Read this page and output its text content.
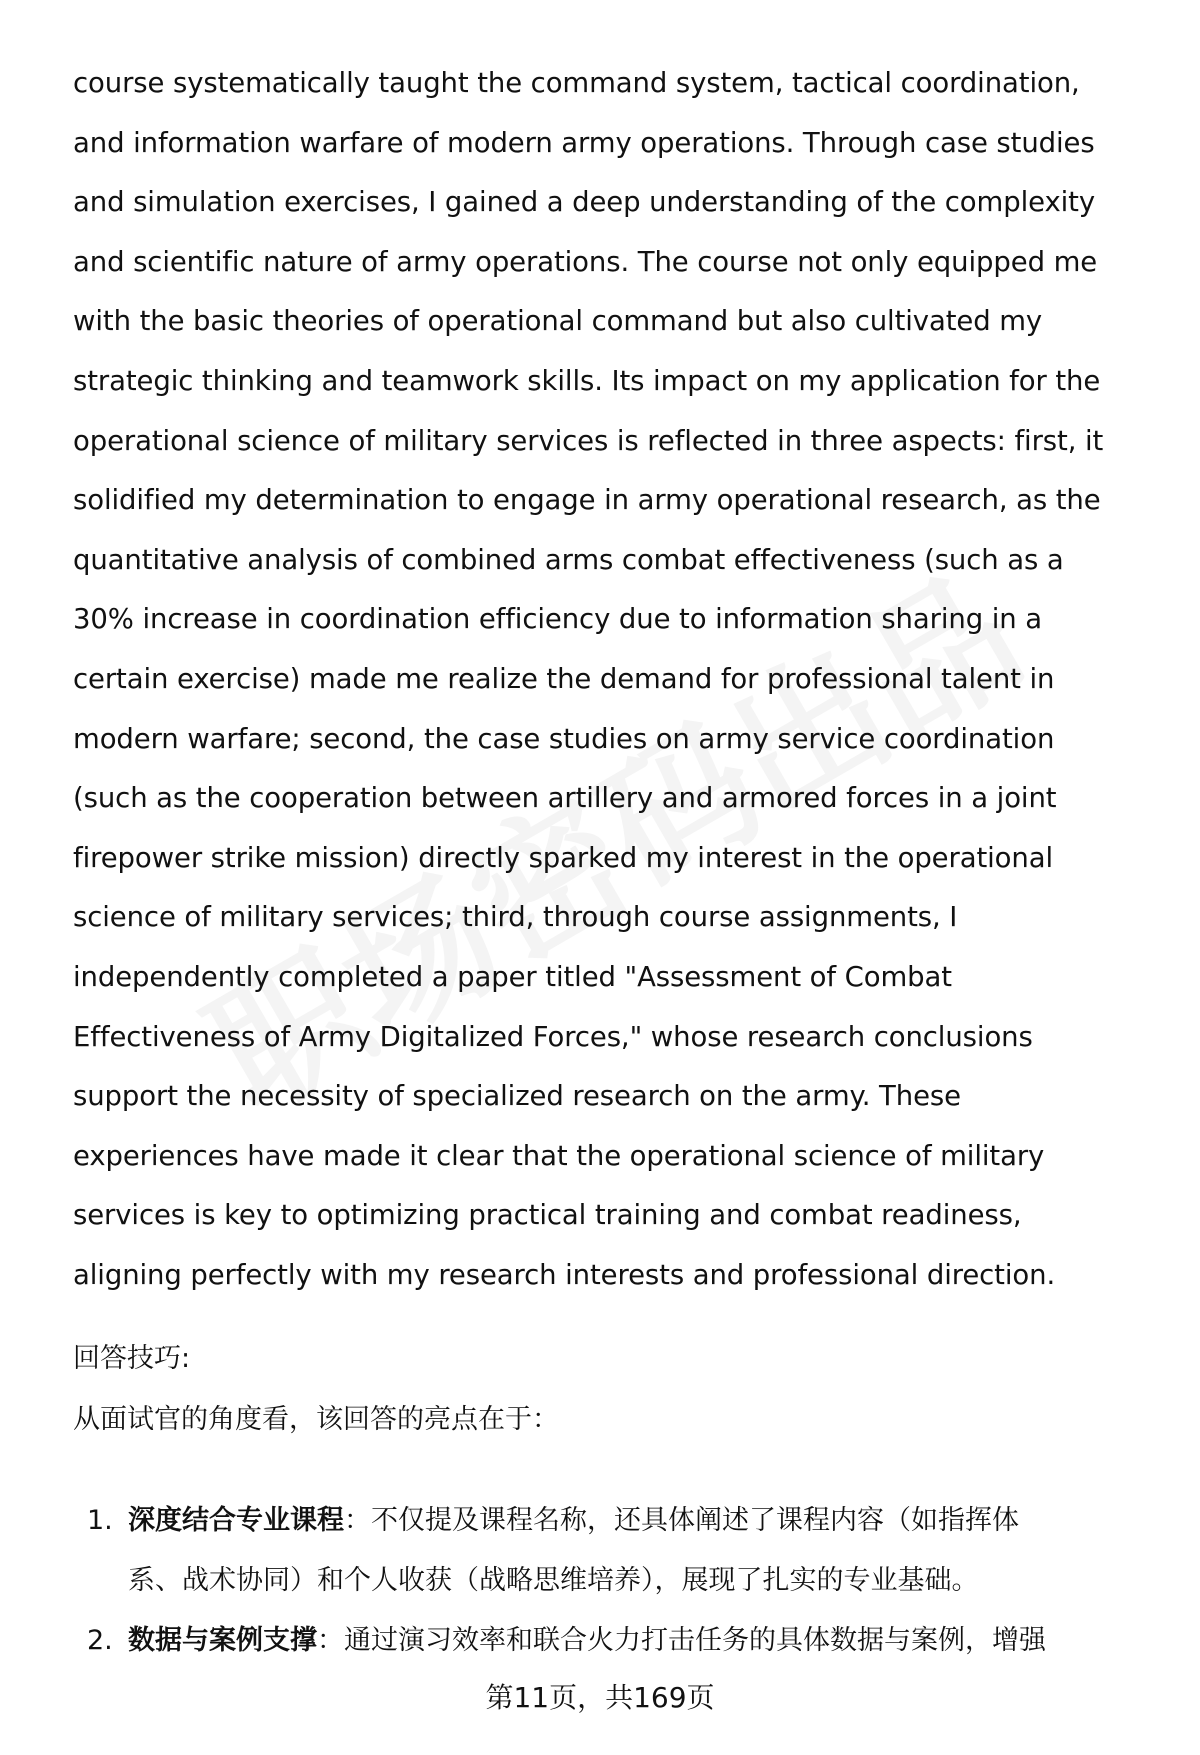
course systematically taught the command system, tactical coordination,
and information warfare of modern army operations. Through case studies
and simulation exercises, I gained a deep understanding of the complexity
and scientific nature of army operations. The course not only equipped me
with the basic theories of operational command but also cultivated my
strategic thinking and teamwork skills. Its impact on my application for the
operational science of military services is reflected in three aspects: first, it
solidified my determination to engage in army operational research, as the
quantitative analysis of combined arms combat effectiveness (such as a
30% increase in coordination efficiency due to information sharing in a
certain exercise) made me realize the demand for professional talent in
modern warfare; second, the case studies on army service coordination
(such as the cooperation between artillery and armored forces in a joint
firepower strike mission) directly sparked my interest in the operational
science of military services; third, through course assignments, I
independently completed a paper titled "Assessment of Combat
Effectiveness of Army Digitalized Forces," whose research conclusions
support the necessity of specialized research on the army. These
experiences have made it clear that the operational science of military
services is key to optimizing practical training and combat readiness,
aligning perfectly with my research interests and professional direction.
回答技巧:

从面试官的角度看，该回答的亮点在于：

1. 深度结合专业课程：不仅提及课程名称，还具体阐述了课程内容（如指挥体
系、战术协同）和个人收获（战略思维培养），展现了扎实的专业基础。
2. 数据与案例支撑：通过演习效率和联合火力打击任务的具体数据与案例，增强
第11页，共169页
